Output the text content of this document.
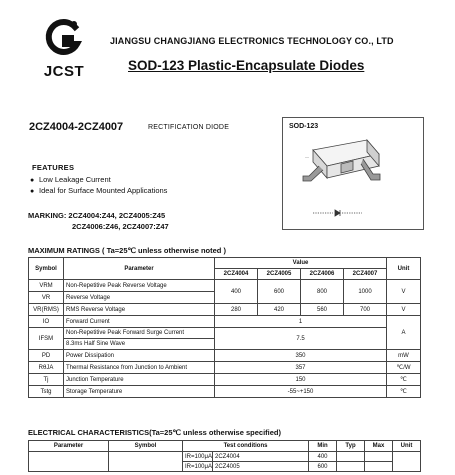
JCST
JIANGSU CHANGJIANG ELECTRONICS TECHNOLOGY CO., LTD
SOD-123 Plastic-Encapsulate Diodes
2CZ4004-2CZ4007	RECTIFICATION DIODE	SOD-123
—
FEATURES
● Low Leakage Current
● Ideal for Surface Mounted Applications
MARKING: 2CZ4004:Z44, 2CZ4005:Z45
2CZ4006:Z46, 2CZ4007:Z47
MAXIMUM RATINGS ( Ta=25℃ unless otherwise noted )
Symbol	Parameter	Value				Unit
		2CZ4004	2CZ4005	2CZ4006	2CZ4007	
VRM	Non-Repetitive Peak Reverse Voltage	400	600	800	1000	V
VR	Reverse Voltage					
VR(RMS)	RMS Reverse Voltage	280	420	560	700	V
IO	Forward Current	1				A
IFSM	Non-Repetitive Peak Forward Surge Current	7.5				
	8.3ms Half Sine Wave					
PD	Power Dissipation	350				mW
RθJA	Thermal Resistance from Junction to Ambient	357				℃/W
Tj	Junction Temperature	150				℃
Tstg	Storage Temperature	-55~+150				℃
ELECTRICAL CHARACTERISTICS(Ta=25℃ unless otherwise specified)
Parameter	Symbol	Test conditions		Min	Typ	Max	Unit
		IR=100μA	2CZ4004	400			
		IR=100μA	2CZ4005	600			
